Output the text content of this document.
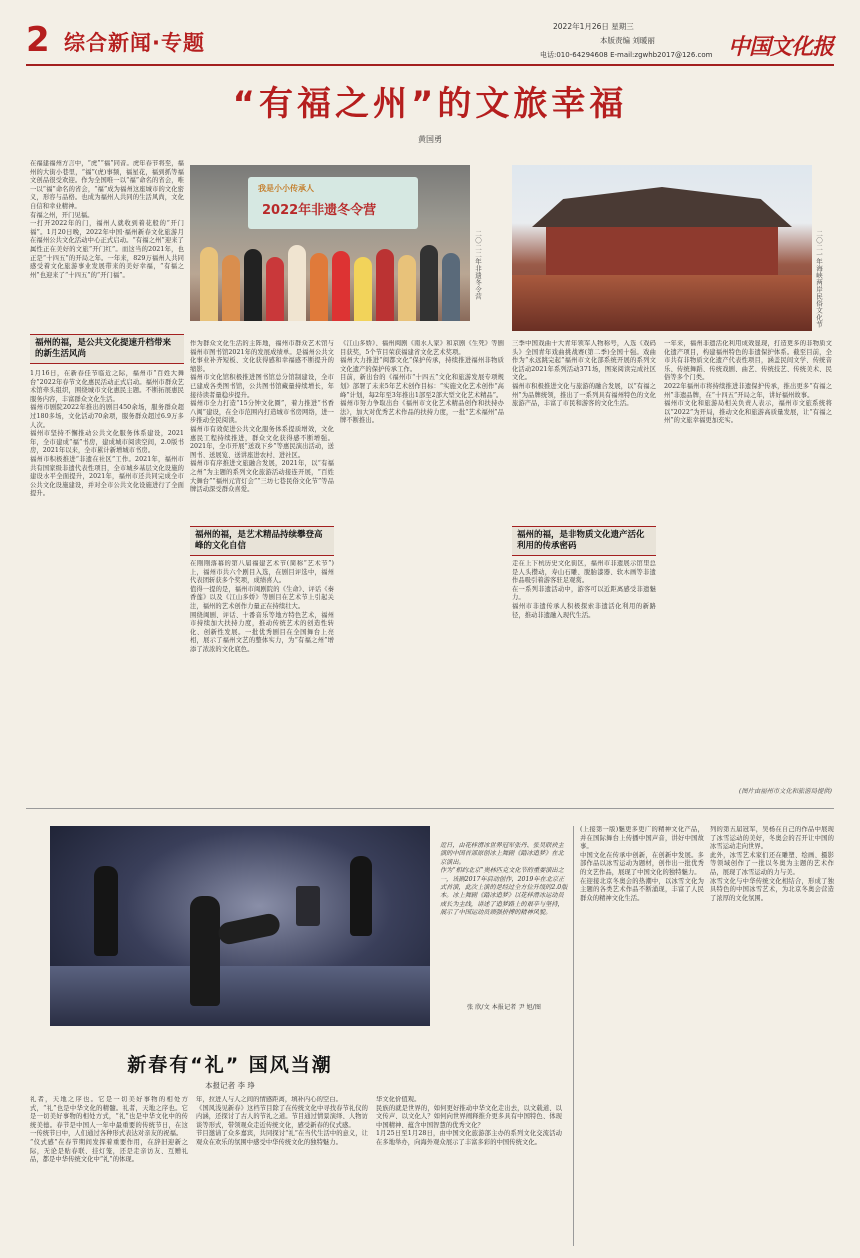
2 综合新闻·专题
2022年1月26日 星期三
本版责编 刘暖丽
电话:010-64294608 E-mail:zgwhb2017@126.com 中国文化报
“有福之州”的文旅幸福
黄国勇
在福建福州方言中，“虎”“福”同音。虎年春节将至，福州的大街小巷里，“福”(虎)事频，福星花，福到抓等福文创品很受欢迎。作为全国唯一以“福”命名的省会，唯一以“福”命名的省会，“福”成为福州这座城市的文化密义，形容与品格。也成为福州人共同的生活风尚，文化自信和幸业精神。
有福之州，开门见福。
一打开2022年的门，福州人就收到着花般的“开门福”。1月20日晚，2022年中国·福州新春文化旅游月在福州公共文化活动中心正式启动。“有福之州”迎来了属性正在美好的文旅“开门红”。而这当的2021年，也正是“十四五”的开局之年。一年来，829万福州人共同感受着文化旅游事业发展带来的美好幸福，“有福之州”也迎来了“十四五”的“开门福”。
福州的福，是公共文化提速升档带来的新生活风尚
1月16日，在新春佳节临近之际，福州市“百姓大舞台”2022年春节文化惠民活动正式启动。福州市群众艺术馆牵头组织，围绕城市文化惠民主题。不断拓展惠民服务内容，丰富群众文化生活。
福州市剧院2022年推出的剧目450余场，服务群众超过180多场，文化活动70余项，服务群众超过6.9万多人次。
福州市坚持不懈推动公共文化服务体系建设，2021年，全市建成“福”书房，建成城市阅读空间，2.0版书房，2021年以来，全市累计新增城市书房。
福州市积极推进“非遗在社区”工作。2021年，福州市共有国家级非遗代表性项目，全市城乡基层文化设施的建设水平全面提升，2021年，福州市还共同完成全市公共文化设施建设，并对全市公共文化设施进行了全面提升。
我是小小传承人
2022年非遗冬令营
二〇二二年非遗冬令营	二〇二一年海峡两岸民俗文化节
作为群众文化生活的主阵地，福州市群众艺术馆与福州市图书馆2021年的发展成绩单。是福州公共文化事业补齐短板、文化获得感和幸福感不断提升的缩影。
福州市文化馆积极推进图书馆总分馆制建设，全市已建成各类图书馆，公共图书馆藏量持续增长，年接待读者量稳步提升。
福州市全力打造“15分钟文化圈”，着力推进“书香八闽”建设，在全市范围内打造城市书房网络，进一步推动全民阅读。
福州市有效促进公共文化服务体系提质增效，文化惠民工程持续推进，群众文化获得感不断增强。2021年，全市开展“送戏下乡”等惠民演出活动，送图书、送展览、送讲座进农村、进社区。
福州市有序推进文旅融合发展，2021年，以“有福之州”为主题的系列文化旅游活动接连开展，“百姓大舞台”“福州元宵灯会”“三坊七巷民俗文化节”等品牌活动深受群众喜爱。
福州的福，是艺术精品持续攀登高峰的文化自信
在刚刚落幕的第八届福建艺术节(简称“艺术节”)上，福州市共六个剧目入选，在剧目评选中，福州代表团斩获多个奖项，成绩喜人。
值得一提的是，福州市闽剧院的《生命》、评话《秦香莲》以及《江山多娇》等剧目在艺术节上引起关注，福州的艺术创作力量正在持续壮大。
围绕闽剧、评话、十番音乐等地方特色艺术，福州市持续加大扶持力度，推动传统艺术的创造性转化、创新性发展。一批优秀剧目在全国舞台上亮相，展示了福州文艺的整体实力，为“有福之州”增添了浓浓的文化底色。
《江山多娇》、福州闽剧《南水人家》和京剧《生死》等剧目获奖，5个节目荣获福建省文化艺术奖项。
福州大力推进“闽都文化”保护传承，持续推进福州非物质文化遗产的保护传承工作。
目前，新出台的《福州市“十四五”文化和旅游发展专项规划》部署了未来5年艺术创作目标：“实施文化艺术创作“高峰”计划，每2年至3年推出1部至2部大型文化艺术精品”。
福州市努力争取出台《福州市文化艺术精品创作和扶持办法》，加大对优秀艺术作品的扶持力度，一批“艺术福州”品牌不断推出。
三季中国戏曲十大青年领军人物称号，入选《戏码头》全国青年戏曲挑战赛(第二季)全国十强。戏曲作为“永远跳完起”福州市文化部系统开展的系列文化活动2021年系列活动371场，图案阅读完成社区文化。
福州市积极推进文化与旅游的融合发展，以“有福之州”为品牌统领，推出了一系列具有福州特色的文化旅游产品，丰富了市民和游客的文化生活。
福州的福，是非物质文化遗产活化利用的传承密码
走在上下杭历史文化街区，福州市非遗展示馆里总是人头攒动，寿山石雕、脱胎漆器、软木画等非遗作品吸引着游客驻足观赏。
在一系列非遗活动中，游客可以近距离感受非遗魅力。
福州市非遗传承人积极探索非遗活化利用的新路径，推动非遗融入现代生活。
一年来，福州非遗活化利用成效显现，打造更多的非物质文化遗产项目，构建福州特色的非遗保护体系。截至目前，全市共有非物质文化遗产代表性项目，涵盖民间文学、传统音乐、传统舞蹈、传统戏剧、曲艺、传统技艺、传统美术、民俗等多个门类。
2022年福州市将持续推进非遗保护传承，推出更多“有福之州”非遗品牌，在“十四五”开局之年，讲好福州故事。
福州市文化和旅游局相关负责人表示，福州市文旅系统将以“2022”为开局，推动文化和旅游高质量发展，让“有福之州”的文旅幸福更加充实。
(图片由福州市文化和旅游局提供)
近日，由花样滑冰世界冠军张丹、张昊联袂主演的中国首部原创冰上舞剧《踏冰追梦》在北京演出。
作为“相约北京”奥林匹克文化节的重要演出之一，该剧2017年启动创作，2019年在北京正式首演，此次上演的是经过全方位升级的2.0版本。冰上舞剧《踏冰追梦》以花样滑冰运动员成长为主线，讲述了追梦路上的艰辛与坚持，展示了中国运动员顽强拼搏的精神风貌。
张 欣/文 本报记者 尹 旭/图
新春有“礼” 国风当潮
本报记者 李 琤
礼者，天地之序也。它是一切美好事物的相处方式，“礼”也是中华文化的精髓。礼者，天地之序也。它是一切美好事物的相处方式，“礼”也是中华文化中的传统美德。春节是中国人一年中最重要的传统节日，在这一传统节日中，人们通过各种形式表达对亲友的祝福。
“仪式感”在春节期间发挥着重要作用，在辞旧迎新之际，无论是贴春联、挂灯笼，还是走亲访友、互赠礼品，都是中华传统文化中“礼”的体现。
年，拉进人与人之间的情感距离，填补内心的空白。
《国风浅见新春》这档节目除了在传统文化中寻找春节礼仪的内涵，还探讨了古人的节礼之道。节目通过情景演绎、人物访谈等形式，带领观众走近传统文化，感受新春的仪式感。
节目邀请了众多嘉宾，共同探讨“礼”在当代生活中的意义，让观众在欢乐的氛围中感受中华传统文化的独特魅力。
华文化价值观。
民族的就是世界的，如何更好推动中华文化走出去，以文载道、以文传声、以文化人？如何向世界阐释推介更多具有中国特色、体现中国精神、蕴含中国智慧的优秀文化？
1月25日至1月28日，由中国文化旅游部主办的系列文化交流活动在多地举办，向海外观众展示了丰富多彩的中国传统文化。
(上接第一版)魅更多更广的精神文化产品，并在国际舞台上传播中国声音，讲好中国故事。
中国文化在传承中创新，在创新中发展。多部作品以冰雪运动为题材，创作出一批优秀的文艺作品，展现了中国文化的独特魅力。
在迎接北京冬奥会的热潮中，以冰雪文化为主题的各类艺术作品不断涌现，丰富了人民群众的精神文化生活。
列的第五届冠军，吴杨在自己的作品中展现了冰雪运动的美好，冬奥会的召开让中国的冰雪运动走向世界。
此外，冰雪艺术家们还在雕塑、绘画、摄影等领域创作了一批以冬奥为主题的艺术作品，展现了冰雪运动的力与美。
冰雪文化与中华传统文化相结合，形成了独具特色的中国冰雪艺术，为北京冬奥会营造了浓厚的文化氛围。
